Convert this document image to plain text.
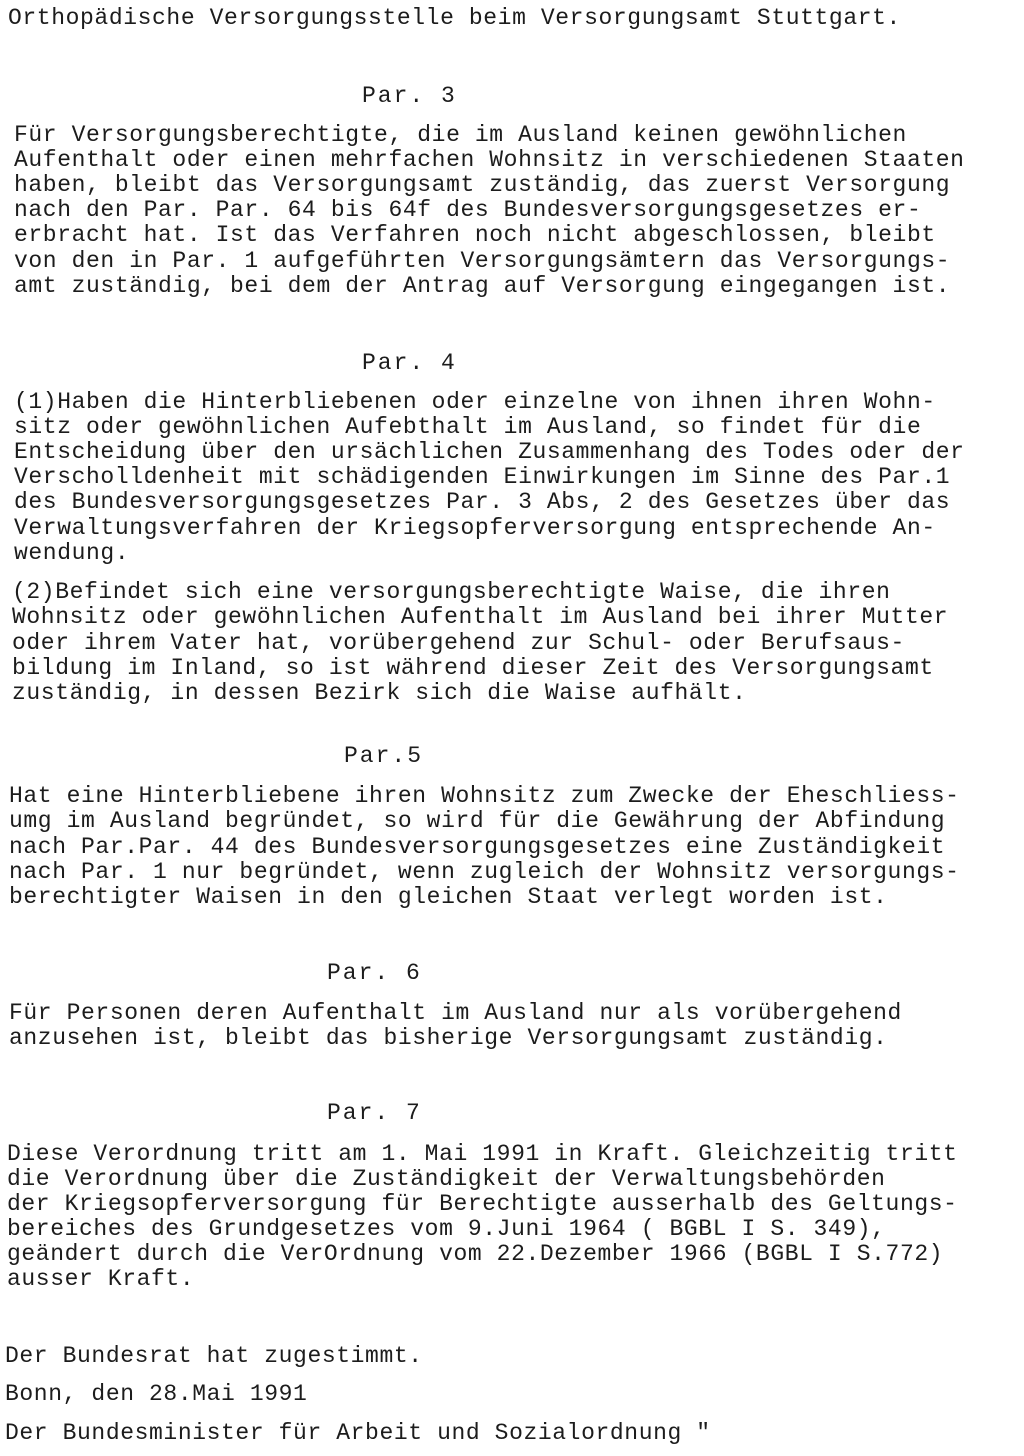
Orthopädische Versorgungsstelle beim Versorgungsamt Stuttgart.

Par. 3

Für Versorgungsberechtigte, die im Ausland keinen gewöhnlichen

Aufenthalt oder einen mehrfachen Wohnsitz in verschiedenen Staaten

haben, bleibt das Versorgungsamt zuständig, das zuerst Versorgung

nach den Par. Par. 64 bis 64f des Bundesversorgungsgesetzes er-

erbracht hat. Ist das Verfahren noch nicht abgeschlossen, bleibt

von den in Par. 1 aufgeführten Versorgungsämtern das Versorgungs-

amt zuständig, bei dem der Antrag auf Versorgung eingegangen ist.

Par. 4

(1)Haben die Hinterbliebenen oder einzelne von ihnen ihren Wohn-

sitz oder gewöhnlichen Aufebthalt im Ausland, so findet für die

Entscheidung über den ursächlichen Zusammenhang des Todes oder der

Verscholldenheit mit schädigenden Einwirkungen im Sinne des Par.1

des Bundesversorgungsgesetzes Par. 3 Abs, 2 des Gesetzes über das

Verwaltungsverfahren der Kriegsopferversorgung entsprechende An-

wendung.

(2)Befindet sich eine versorgungsberechtigte Waise, die ihren

Wohnsitz oder gewöhnlichen Aufenthalt im Ausland bei ihrer Mutter

oder ihrem Vater hat, vorübergehend zur Schul- oder Berufsaus-

bildung im Inland, so ist während dieser Zeit des Versorgungsamt

zuständig, in dessen Bezirk sich die Waise aufhält.

Par.5

Hat eine Hinterbliebene ihren Wohnsitz zum Zwecke der Eheschliess-

umg im Ausland begründet, so wird für die Gewährung der Abfindung

nach Par.Par. 44 des Bundesversorgungsgesetzes eine Zuständigkeit

nach Par. 1 nur begründet, wenn zugleich der Wohnsitz versorgungs-

berechtigter Waisen in den gleichen Staat verlegt worden ist.

Par. 6

Für Personen deren Aufenthalt im Ausland nur als vorübergehend

anzusehen ist, bleibt das bisherige Versorgungsamt zuständig.

Par. 7

Diese Verordnung tritt am 1. Mai 1991 in Kraft. Gleichzeitig tritt

die Verordnung über die Zuständigkeit der Verwaltungsbehörden

der Kriegsopferversorgung für Berechtigte ausserhalb des Geltungs-

bereiches des Grundgesetzes vom 9.Juni 1964 ( BGBL I S. 349),

geändert durch die VerOrdnung vom 22.Dezember 1966 (BGBL I S.772)

ausser Kraft.

Der Bundesrat hat zugestimmt.

Bonn, den 28.Mai 1991

Der Bundesminister für Arbeit und Sozialordnung "
